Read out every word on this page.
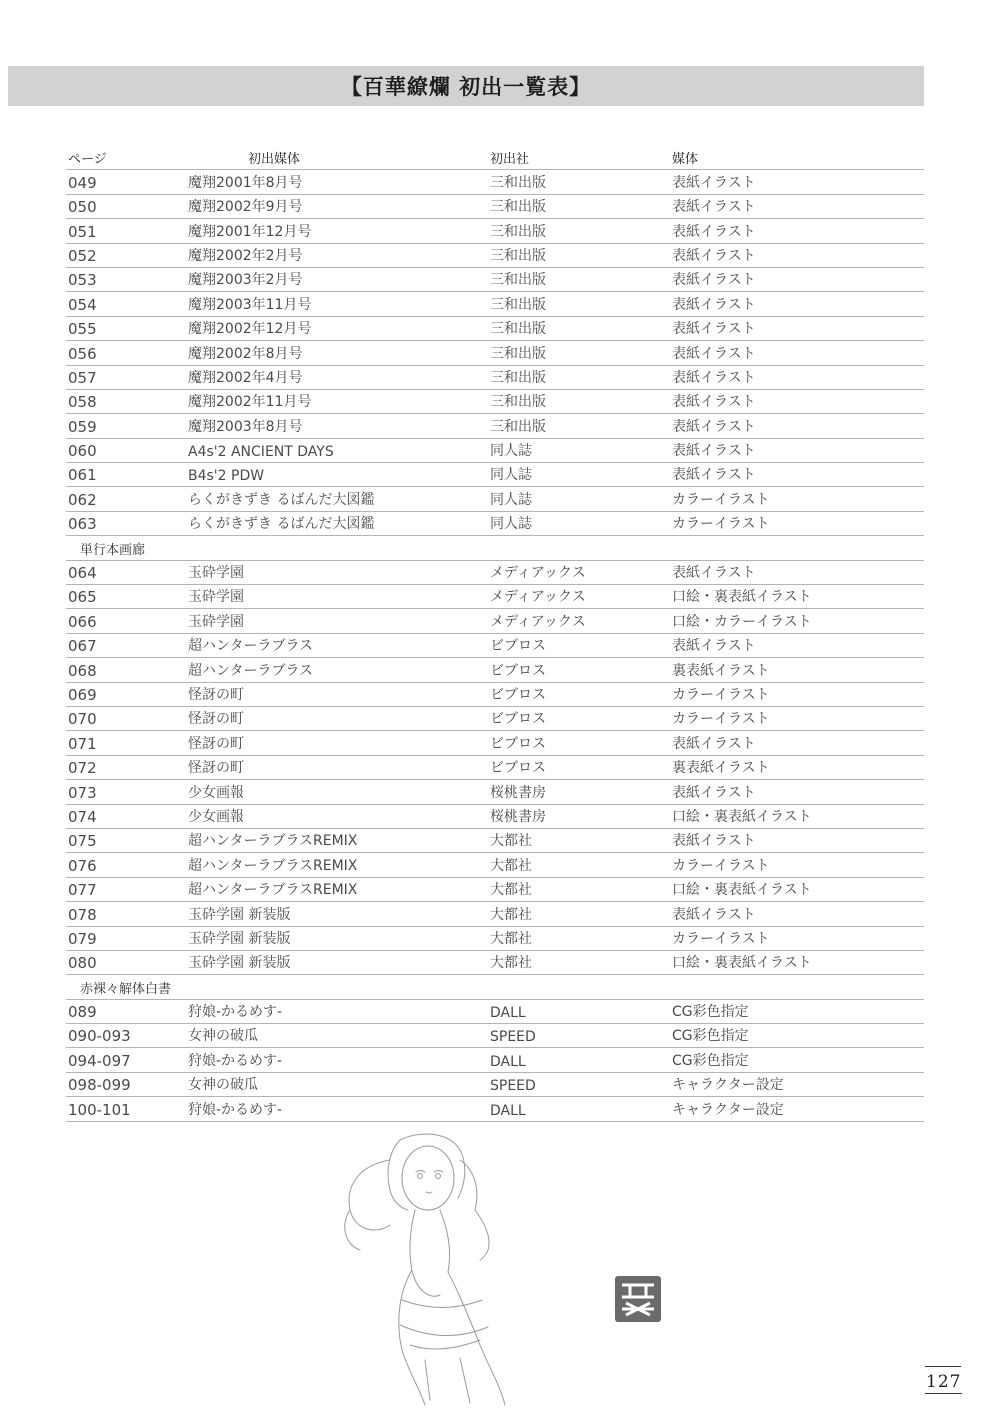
【百華繚爛 初出一覧表】
ページ	初出媒体	初出社	媒体
049	魔翔2001年8月号	三和出版	表紙イラスト
050	魔翔2002年9月号	三和出版	表紙イラスト
051	魔翔2001年12月号	三和出版	表紙イラスト
052	魔翔2002年2月号	三和出版	表紙イラスト
053	魔翔2003年2月号	三和出版	表紙イラスト
054	魔翔2003年11月号	三和出版	表紙イラスト
055	魔翔2002年12月号	三和出版	表紙イラスト
056	魔翔2002年8月号	三和出版	表紙イラスト
057	魔翔2002年4月号	三和出版	表紙イラスト
058	魔翔2002年11月号	三和出版	表紙イラスト
059	魔翔2003年8月号	三和出版	表紙イラスト
060	A4s'2 ANCIENT DAYS	同人誌	表紙イラスト
061	B4s'2 PDW	同人誌	表紙イラスト
062	らくがきずき るばんだ大図鑑	同人誌	カラーイラスト
063	らくがきずき るばんだ大図鑑	同人誌	カラーイラスト
単行本画廊
064	玉砕学園	メディアックス	表紙イラスト
065	玉砕学園	メディアックス	口絵・裏表紙イラスト
066	玉砕学園	メディアックス	口絵・カラーイラスト
067	超ハンターラブラス	ビブロス	表紙イラスト
068	超ハンターラブラス	ビブロス	裏表紙イラスト
069	怪訝の町	ビブロス	カラーイラスト
070	怪訝の町	ビブロス	カラーイラスト
071	怪訝の町	ビブロス	表紙イラスト
072	怪訝の町	ビブロス	裏表紙イラスト
073	少女画報	桜桃書房	表紙イラスト
074	少女画報	桜桃書房	口絵・裏表紙イラスト
075	超ハンターラブラスREMIX	大都社	表紙イラスト
076	超ハンターラブラスREMIX	大都社	カラーイラスト
077	超ハンターラブラスREMIX	大都社	口絵・裏表紙イラスト
078	玉砕学園 新装版	大都社	表紙イラスト
079	玉砕学園 新装版	大都社	カラーイラスト
080	玉砕学園 新装版	大都社	口絵・裏表紙イラスト
赤裸々解体白書
089	狩娘-かるめす-	DALL	CG彩色指定
090-093	女神の破瓜	SPEED	CG彩色指定
094-097	狩娘-かるめす-	DALL	CG彩色指定
098-099	女神の破瓜	SPEED	キャラクター設定
100-101	狩娘-かるめす-	DALL	キャラクター設定
127
